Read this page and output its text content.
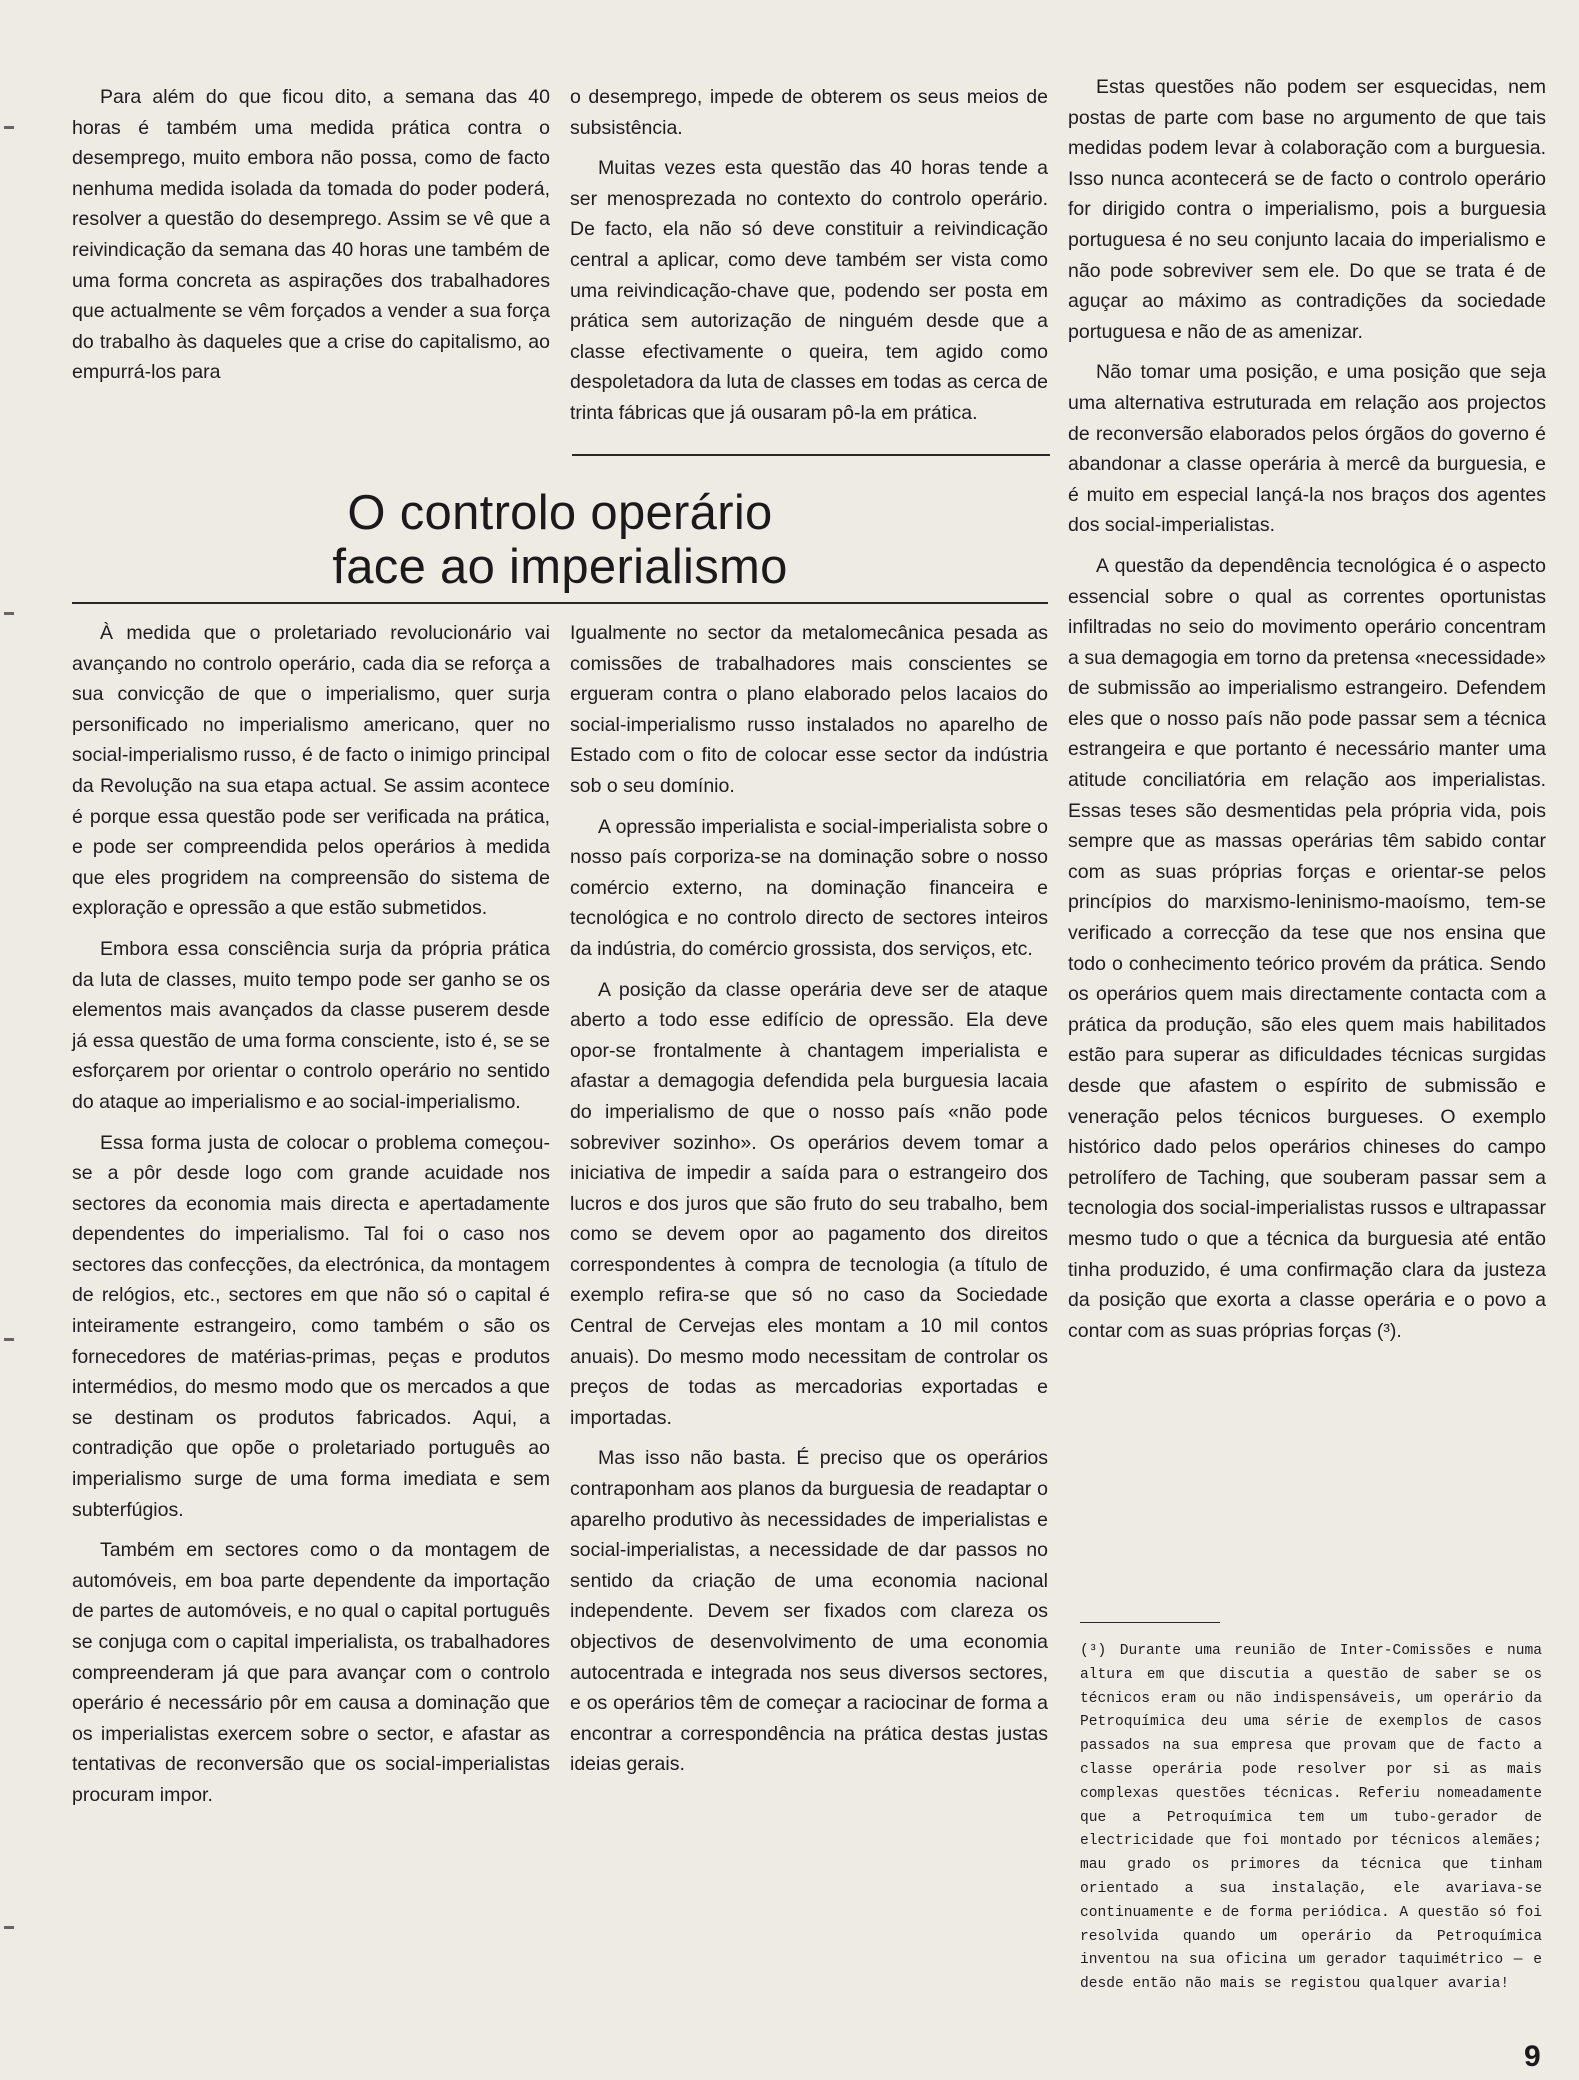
Para além do que ficou dito, a semana das 40 horas é também uma medida prática contra o desemprego, muito embora não possa, como de facto nenhuma medida isolada da tomada do poder poderá, resolver a questão do desemprego. Assim se vê que a reivindicação da semana das 40 horas une também de uma forma concreta as aspirações dos trabalhadores que actualmente se vêm forçados a vender a sua força do trabalho às daqueles que a crise do capitalismo, ao empurrá-los para

o desemprego, impede de obterem os seus meios de subsistência.

Muitas vezes esta questão das 40 horas tende a ser menosprezada no contexto do controlo operário. De facto, ela não só deve constituir a reivindicação central a aplicar, como deve também ser vista como uma reivindicação-chave que, podendo ser posta em prática sem autorização de ninguém desde que a classe efectivamente o queira, tem agido como despoletadora da luta de classes em todas as cerca de trinta fábricas que já ousaram pô-la em prática.

O controlo operário
face ao imperialismo

À medida que o proletariado revolucionário vai avançando no controlo operário, cada dia se reforça a sua convicção de que o imperialismo, quer surja personificado no imperialismo americano, quer no social-imperialismo russo, é de facto o inimigo principal da Revolução na sua etapa actual. Se assim acontece é porque essa questão pode ser verificada na prática, e pode ser compreendida pelos operários à medida que eles progridem na compreensão do sistema de exploração e opressão a que estão submetidos.

Embora essa consciência surja da própria prática da luta de classes, muito tempo pode ser ganho se os elementos mais avançados da classe puserem desde já essa questão de uma forma consciente, isto é, se se esforçarem por orientar o controlo operário no sentido do ataque ao imperialismo e ao social-imperialismo.

Essa forma justa de colocar o problema começou-se a pôr desde logo com grande acuidade nos sectores da economia mais directa e apertadamente dependentes do imperialismo. Tal foi o caso nos sectores das confecções, da electrónica, da montagem de relógios, etc., sectores em que não só o capital é inteiramente estrangeiro, como também o são os fornecedores de matérias-primas, peças e produtos intermédios, do mesmo modo que os mercados a que se destinam os produtos fabricados. Aqui, a contradição que opõe o proletariado português ao imperialismo surge de uma forma imediata e sem subterfúgios.

Também em sectores como o da montagem de automóveis, em boa parte dependente da importação de partes de automóveis, e no qual o capital português se conjuga com o capital imperialista, os trabalhadores compreenderam já que para avançar com o controlo operário é necessário pôr em causa a dominação que os imperialistas exercem sobre o sector, e afastar as tentativas de reconversão que os social-imperialistas procuram impor.

Igualmente no sector da metalomecânica pesada as comissões de trabalhadores mais conscientes se ergueram contra o plano elaborado pelos lacaios do social-imperialismo russo instalados no aparelho de Estado com o fito de colocar esse sector da indústria sob o seu domínio.

A opressão imperialista e social-imperialista sobre o nosso país corporiza-se na dominação sobre o nosso comércio externo, na dominação financeira e tecnológica e no controlo directo de sectores inteiros da indústria, do comércio grossista, dos serviços, etc.

A posição da classe operária deve ser de ataque aberto a todo esse edifício de opressão. Ela deve opor-se frontalmente à chantagem imperialista e afastar a demagogia defendida pela burguesia lacaia do imperialismo de que o nosso país «não pode sobreviver sozinho». Os operários devem tomar a iniciativa de impedir a saída para o estrangeiro dos lucros e dos juros que são fruto do seu trabalho, bem como se devem opor ao pagamento dos direitos correspondentes à compra de tecnologia (a título de exemplo refira-se que só no caso da Sociedade Central de Cervejas eles montam a 10 mil contos anuais). Do mesmo modo necessitam de controlar os preços de todas as mercadorias exportadas e importadas.

Mas isso não basta. É preciso que os operários contraponham aos planos da burguesia de readaptar o aparelho produtivo às necessidades de imperialistas e social-imperialistas, a necessidade de dar passos no sentido da criação de uma economia nacional independente. Devem ser fixados com clareza os objectivos de desenvolvimento de uma economia autocentrada e integrada nos seus diversos sectores, e os operários têm de começar a raciocinar de forma a encontrar a correspondência na prática destas justas ideias gerais.

Estas questões não podem ser esquecidas, nem postas de parte com base no argumento de que tais medidas podem levar à colaboração com a burguesia. Isso nunca acontecerá se de facto o controlo operário for dirigido contra o imperialismo, pois a burguesia portuguesa é no seu conjunto lacaia do imperialismo e não pode sobreviver sem ele. Do que se trata é de aguçar ao máximo as contradições da sociedade portuguesa e não de as amenizar.

Não tomar uma posição, e uma posição que seja uma alternativa estruturada em relação aos projectos de reconversão elaborados pelos órgãos do governo é abandonar a classe operária à mercê da burguesia, e é muito em especial lançá-la nos braços dos agentes dos social-imperialistas.

A questão da dependência tecnológica é o aspecto essencial sobre o qual as correntes oportunistas infiltradas no seio do movimento operário concentram a sua demagogia em torno da pretensa «necessidade» de submissão ao imperialismo estrangeiro. Defendem eles que o nosso país não pode passar sem a técnica estrangeira e que portanto é necessário manter uma atitude conciliatória em relação aos imperialistas. Essas teses são desmentidas pela própria vida, pois sempre que as massas operárias têm sabido contar com as suas próprias forças e orientar-se pelos princípios do marxismo-leninismo-maoísmo, tem-se verificado a correcção da tese que nos ensina que todo o conhecimento teórico provém da prática. Sendo os operários quem mais directamente contacta com a prática da produção, são eles quem mais habilitados estão para superar as dificuldades técnicas surgidas desde que afastem o espírito de submissão e veneração pelos técnicos burgueses. O exemplo histórico dado pelos operários chineses do campo petrolífero de Taching, que souberam passar sem a tecnologia dos social-imperialistas russos e ultrapassar mesmo tudo o que a técnica da burguesia até então tinha produzido, é uma confirmação clara da justeza da posição que exorta a classe operária e o povo a contar com as suas próprias forças (³).

(³) Durante uma reunião de Inter-Comissões e numa altura em que discutia a questão de saber se os técnicos eram ou não indispensáveis, um operário da Petroquímica deu uma série de exemplos de casos passados na sua empresa que provam que de facto a classe operária pode resolver por si as mais complexas questões técnicas. Referiu nomeadamente que a Petroquímica tem um tubo-gerador de electricidade que foi montado por técnicos alemães; mau grado os primores da técnica que tinham orientado a sua instalação, ele avariava-se continuamente e de forma periódica. A questão só foi resolvida quando um operário da Petroquímica inventou na sua oficina um gerador taquimétrico — e desde então não mais se registou qualquer avaria!
9
